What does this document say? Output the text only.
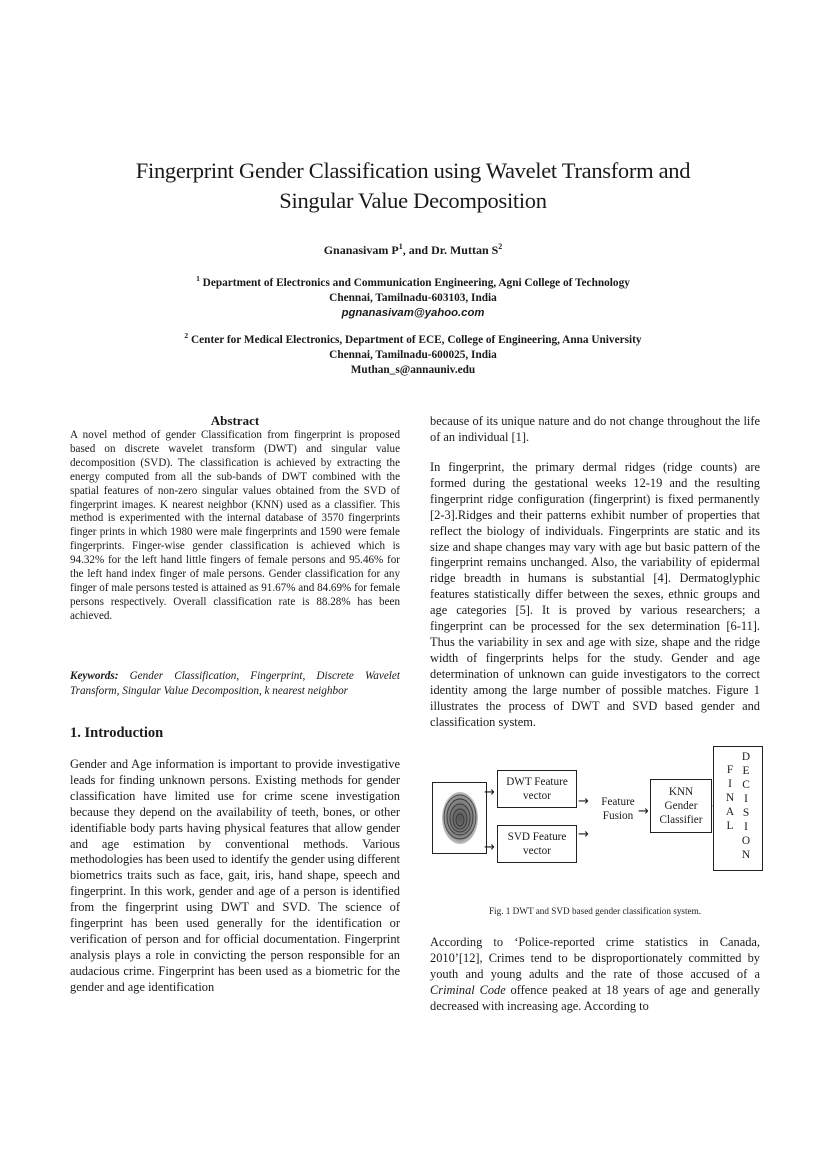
Fingerprint Gender Classification using Wavelet Transform and
Singular Value Decomposition
Gnanasivam $P^1$, and Dr. Muttan $S^2$
$^1$ Department of Electronics and Communication Engineering, Agni College of Technology
Chennai, Tamilnadu-603103, India
pgnanasivam@yahoo.com
$^2$ Center for Medical Electronics, Department of ECE, College of Engineering, Anna University
Chennai, Tamilnadu-600025, India
Muthan_s@annauniv.edu
Abstract
A novel method of gender Classification from fingerprint is proposed based on discrete wavelet transform (DWT) and singular value decomposition (SVD). The classification is achieved by extracting the energy computed from all the sub-bands of DWT combined with the spatial features of non-zero singular values obtained from the SVD of fingerprint images. K nearest neighbor (KNN) used as a classifier. This method is experimented with the internal database of 3570 fingerprints finger prints in which 1980 were male fingerprints and 1590 were female fingerprints. Finger-wise gender classification is achieved which is 94.32% for the left hand little fingers of female persons and 95.46% for the left hand index finger of male persons. Gender classification for any finger of male persons tested is attained as 91.67% and 84.69% for female persons respectively. Overall classification rate is 88.28% has been achieved.
Keywords: Gender Classification, Fingerprint, Discrete Wavelet Transform, Singular Value Decomposition, k nearest neighbor
1. Introduction
Gender and Age information is important to provide investigative leads for finding unknown persons. Existing methods for gender classification have limited use for crime scene investigation because they depend on the availability of teeth, bones, or other identifiable body parts having physical features that allow gender and age estimation by conventional methods. Various methodologies has been used to identify the gender using different biometrics traits such as face, gait, iris, hand shape, speech and fingerprint. In this work, gender and age of a person is identified from the fingerprint using DWT and SVD. The science of fingerprint has been used generally for the identification or verification of person and for official documentation. Fingerprint analysis plays a role in convicting the person responsible for an audacious crime. Fingerprint has been used as a biometric for the gender and age identification
because of its unique nature and do not change throughout the life of an individual [1].
In fingerprint, the primary dermal ridges (ridge counts) are formed during the gestational weeks 12-19 and the resulting fingerprint ridge configuration (fingerprint) is fixed permanently [2-3].Ridges and their patterns exhibit number of properties that reflect the biology of individuals. Fingerprints are static and its size and shape changes may vary with age but basic pattern of the fingerprint remains unchanged. Also, the variability of epidermal ridge breadth in humans is substantial [4]. Dermatoglyphic features statistically differ between the sexes, ethnic groups and age categories [5]. It is proved by various researchers; a fingerprint can be processed for the sex determination [6-11]. Thus the variability in sex and age with size, shape and the ridge width of fingerprints helps for the study. Gender and age determination of unknown can guide investigators to the correct identity among the large number of possible matches. Figure 1 illustrates the process of DWT and SVD based gender and classification system.
→
→
DWT Feature
vector
SVD Feature
vector
→
→
Feature
Fusion →
KNN
Gender
Classifier
F
I
N
A
L
D
E
C
I
S
I
O
N
Fig. 1 DWT and SVD based gender classification system.
According to ‘Police-reported crime statistics in Canada, 2010’[12], Crimes tend to be disproportionately committed by youth and young adults and the rate of those accused of a Criminal Code offence peaked at 18 years of age and generally decreased with increasing age. According to
